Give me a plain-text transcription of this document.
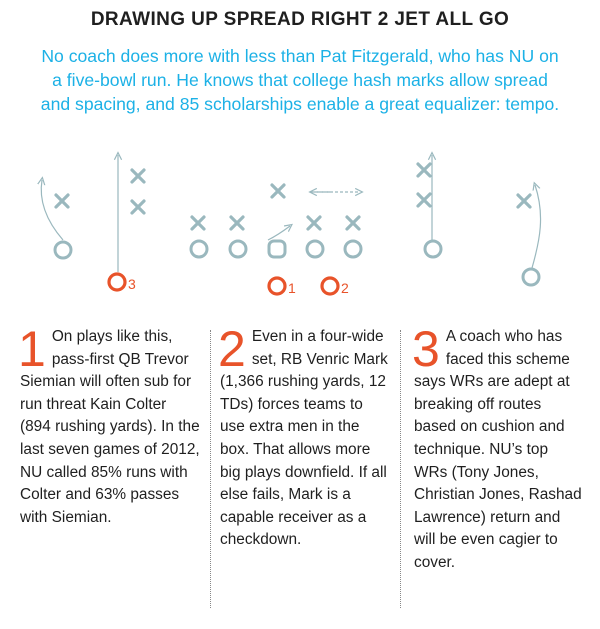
DRAWING UP SPREAD RIGHT 2 JET ALL GO
No coach does more with less than Pat Fitzgerald, who has NU on a five-bowl run. He knows that college hash marks allow spread and spacing, and 85 scholarships enable a great equalizer: tempo.
3	1	2
1 On plays like this, pass-first QB Trevor Siemian will often sub for run threat Kain Colter (894 rushing yards). In the last seven games of 2012, NU called 85% runs with Colter and 63% passes with Siemian.
2 Even in a four-wide set, RB Venric Mark (1,366 rushing yards, 12 TDs) forces teams to use extra men in the box. That allows more big plays downfield. If all else fails, Mark is a capable receiver as a checkdown.
3 A coach who has faced this scheme says WRs are adept at breaking off routes based on cushion and technique. NU’s top WRs (Tony Jones, Christian Jones, Rashad Lawrence) return and will be even cagier to cover.
